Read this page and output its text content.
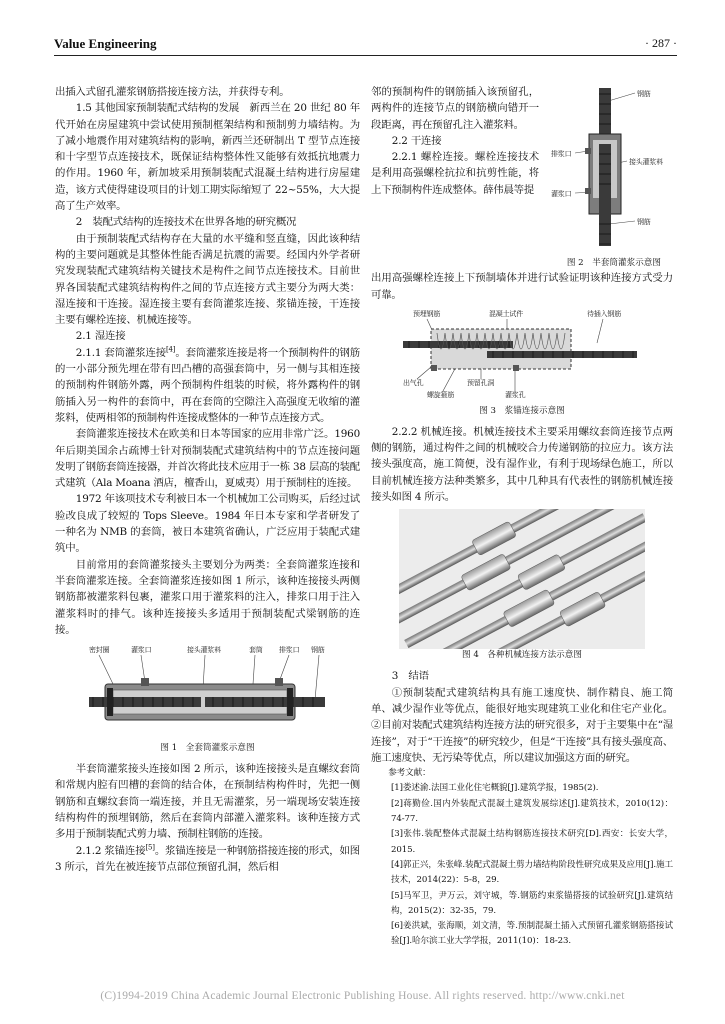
Value Engineering	· 287 ·

出插入式留孔灌浆钢筋搭接连接方法，并获得专利。

1.5 其他国家预制装配式结构的发展　新西兰在 20 世纪 80 年代开始在房屋建筑中尝试使用预制框架结构和预制剪力墙结构。为了减小地震作用对建筑结构的影响，新西兰还研制出 T 型节点连接和十字型节点连接技术，既保证结构整体性又能够有效抵抗地震力的作用。1960 年，新加坡采用预制装配式混凝土结构进行房屋建造，该方式使得建设项目的计划工期实际缩短了 22~55%，大大提高了生产效率。

2　装配式结构的连接技术在世界各地的研究概况

由于预制装配式结构存在大量的水平缝和竖直缝，因此该种结构的主要问题就是其整体性能否满足抗震的需要。经国内外学者研究发现装配式建筑结构关键技术是构件之间节点连接技术。目前世界各国装配式建筑结构构件之间的节点连接方式主要分为两大类：湿连接和干连接。湿连接主要有套筒灌浆连接、浆锚连接，干连接主要有螺栓连接、机械连接等。

2.1 湿连接

2.1.1 套筒灌浆连接[4]。套筒灌浆连接是将一个预制构件的钢筋的一小部分预先埋在带有凹凸槽的高强套筒中，另一侧与其相连接的预制构件钢筋外露，两个预制构件组装的时候，将外露构件的钢筋插入另一构件的套筒中，再在套筒的空隙注入高强度无收缩的灌浆料，使两相邻的预制构件连接成整体的一种节点连接方式。

套筒灌浆连接技术在欧美和日本等国家的应用非常广泛。1960 年后期美国余占疏博士针对预制装配式建筑结构中的节点连接问题发明了钢筋套筒连接器，并首次将此技术应用于一栋 38 层高的装配式建筑（Ala Moana 酒店，檀香山，夏威夷）用于预制柱的连接。

1972 年该项技术专利被日本一个机械加工公司购买，后经过试验改良成了较短的 Tops Sleeve。1984 年日本专家和学者研发了一种名为 NMB 的套筒，被日本建筑省确认，广泛应用于装配式建筑中。

目前常用的套筒灌浆接头主要划分为两类：全套筒灌浆连接和半套筒灌浆连接。全套筒灌浆连接如图 1 所示，该种连接接头两侧钢筋都被灌浆料包裹，灌浆口用于灌浆料的注入，排浆口用于注入灌浆料时的排气。该种连接接头多适用于预制装配式梁钢筋的连接。

密封圈	灌浆口	接头灌浆料	套筒 排浆口 钢筋
图 1　全套筒灌浆示意图

半套筒灌浆接头连接如图 2 所示，该种连接接头是直螺纹套筒和常规内腔有凹槽的套筒的结合体，在预制结构构件时，先把一侧钢筋和直螺纹套筒一端连接，并且无需灌浆，另一端现场安装连接结构构件的预埋钢筋，然后在套筒内部灌入灌浆料。该种连接方式多用于预制装配式剪力墙、预制柱钢筋的连接。

2.1.2 浆锚连接[5]。浆锚连接是一种钢筋搭接连接的形式，如图 3 所示，首先在被连接节点部位预留孔洞，然后相

钢筋
排浆口
接头灌浆料
灌浆口
钢筋

邻的预制构件的钢筋插入该预留孔，两构件的连接节点的钢筋横向错开一段距离，再在预留孔注入灌浆料。

2.2 干连接

2.2.1 螺栓连接。螺栓连接技术是利用高强螺栓抗拉和抗剪性能，将上下预制构件连成整体。薛伟晨等提

图 2　半套筒灌浆示意图

出用高强螺栓连接上下预制墙体并进行试验证明该种连接方式受力可靠。

预埋钢筋	混凝土试件	待插入钢筋
出气孔	预留孔洞
螺旋箍筋	灌浆孔
图 3　浆锚连接示意图

2.2.2 机械连接。机械连接技术主要采用螺纹套筒连接节点两侧的钢筋，通过构件之间的机械咬合力传递钢筋的拉应力。该方法接头强度高，施工简便，没有湿作业，有利于现场绿色施工，所以目前机械连接方法种类繁多，其中几种具有代表性的钢筋机械连接接头如图 4 所示。

图 4　各种机械连接方法示意图

3　结语

①预制装配式建筑结构具有施工速度快、制作精良、施工简单、减少湿作业等优点，能很好地实现建筑工业化和住宅产业化。②目前对装配式建筑结构连接方法的研究很多，对于主要集中在“湿连接”，对于“干连接”的研究较少，但是“干连接”具有接头强度高、施工速度快、无污染等优点，所以建议加强这方面的研究。

参考文献：
[1]娄述渝.法国工业化住宅概貌[J].建筑学报，1985(2).
[2]蒋勤俭.国内外装配式混凝土建筑发展综述[J].建筑技术，2010(12)：74-77.
[3]张伟.装配整体式混凝土结构钢筋连接技术研究[D].西安：长安大学，2015.
[4]郭正兴，朱张峰.装配式混凝土剪力墙结构阶段性研究成果及应用[J].施工技术，2014(22)：5-8，29.
[5]马军卫，尹万云，刘守城，等.钢筋约束浆锚搭接的试验研究[J].建筑结构，2015(2)：32-35，79.
[6]姜洪斌，张海顺，刘文清，等.预制混凝土插入式预留孔灌浆钢筋搭接试验[J].哈尔滨工业大学学报，2011(10)：18-23.
(C)1994-2019 China Academic Journal Electronic Publishing House. All rights reserved. http://www.cnki.net
